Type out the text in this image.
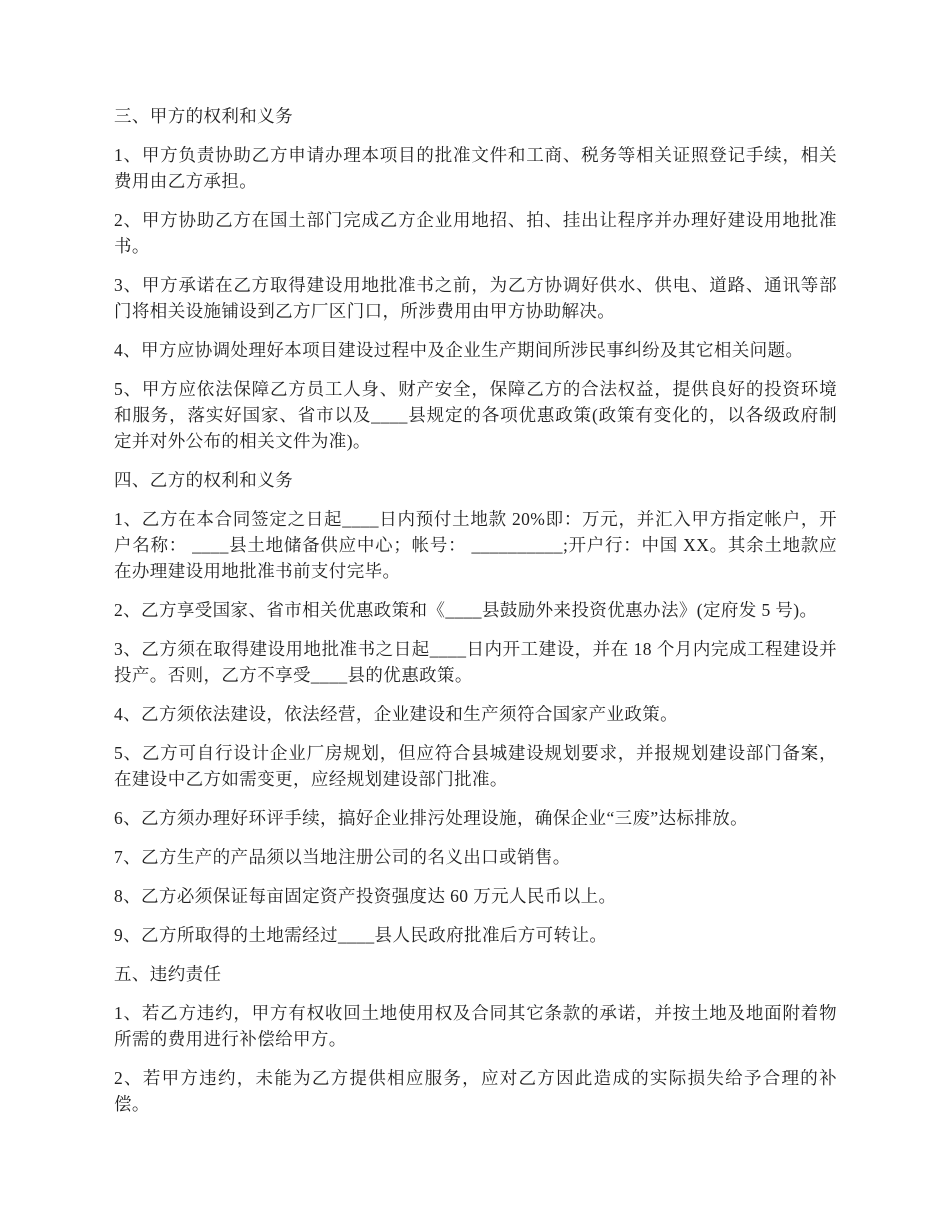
三、甲方的权利和义务

1、甲方负责协助乙方申请办理本项目的批准文件和工商、税务等相关证照登记手续，相关费用由乙方承担。

2、甲方协助乙方在国土部门完成乙方企业用地招、拍、挂出让程序并办理好建设用地批准书。

3、甲方承诺在乙方取得建设用地批准书之前，为乙方协调好供水、供电、道路、通讯等部门将相关设施铺设到乙方厂区门口，所涉费用由甲方协助解决。

4、甲方应协调处理好本项目建设过程中及企业生产期间所涉民事纠纷及其它相关问题。

5、甲方应依法保障乙方员工人身、财产安全，保障乙方的合法权益，提供良好的投资环境和服务，落实好国家、省市以及____县规定的各项优惠政策(政策有变化的，以各级政府制定并对外公布的相关文件为准)。

四、乙方的权利和义务

1、乙方在本合同签定之日起____日内预付土地款 20%即：万元，并汇入甲方指定帐户，开户名称： ____县土地储备供应中心；帐号： __________;开户行：中国 XX。其余土地款应在办理建设用地批准书前支付完毕。

2、乙方享受国家、省市相关优惠政策和《____县鼓励外来投资优惠办法》(定府发 5 号)。

3、乙方须在取得建设用地批准书之日起____日内开工建设，并在 18 个月内完成工程建设并投产。否则，乙方不享受____县的优惠政策。

4、乙方须依法建设，依法经营，企业建设和生产须符合国家产业政策。

5、乙方可自行设计企业厂房规划，但应符合县城建设规划要求，并报规划建设部门备案，在建设中乙方如需变更，应经规划建设部门批准。

6、乙方须办理好环评手续，搞好企业排污处理设施，确保企业“三废”达标排放。

7、乙方生产的产品须以当地注册公司的名义出口或销售。

8、乙方必须保证每亩固定资产投资强度达 60 万元人民币以上。

9、乙方所取得的土地需经过____县人民政府批准后方可转让。

五、违约责任

1、若乙方违约，甲方有权收回土地使用权及合同其它条款的承诺，并按土地及地面附着物所需的费用进行补偿给甲方。

2、若甲方违约，未能为乙方提供相应服务，应对乙方因此造成的实际损失给予合理的补偿。
